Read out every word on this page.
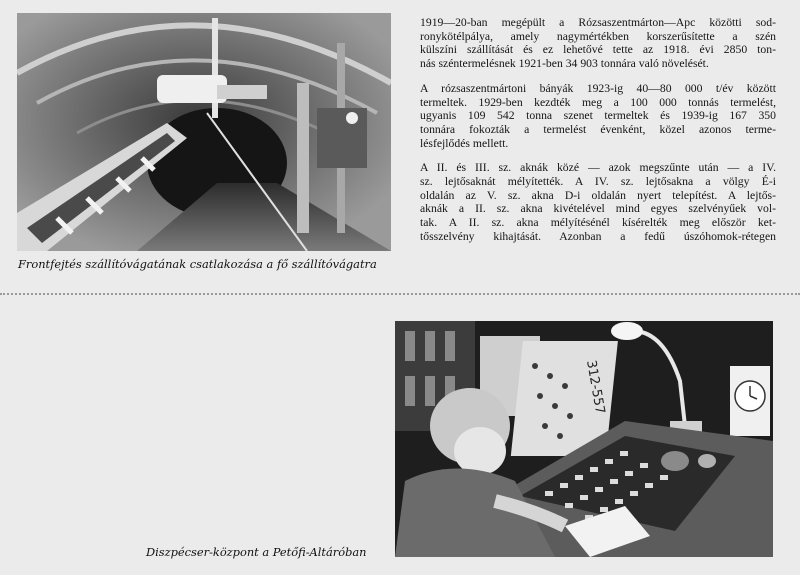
Frontfejtés szállítóvágatának csatlakozása a fő szállítóvágatra

1919—20-ban megépült a Rózsaszentmárton—Apc közötti sod-
ronykötélpálya, amely nagymértékben korszerűsítette a szén
külszíni szállítását és ez lehetővé tette az 1918. évi 2850 ton-
nás széntermelésnek 1921-ben 34 903 tonnára való növelését.

A rózsaszentmártoni bányák 1923-ig 40—80 000 t/év között
termeltek. 1929-ben kezdték meg a 100 000 tonnás termelést,
ugyanis 109 542 tonna szenet termeltek és 1939-ig 167 350
tonnára fokozták a termelést évenként, közel azonos terme-
lésfejlődés mellett.

A II. és III. sz. aknák közé — azok megszűnte után — a IV.
sz. lejtősaknát mélyítették. A IV. sz. lejtősakna a völgy É-i
oldalán az V. sz. akna D-i oldalán nyert telepítést. A lejtős-
aknák a II. sz. akna kivételével mind egyes szelvényűek vol-
tak. A II. sz. akna mélyítésénél kísérelték meg először ket-
tősszelvény kihajtását. Azonban a fedű úszóhomok-rétegen

312-557
Diszpécser-központ a Petőfi-Altáróban
